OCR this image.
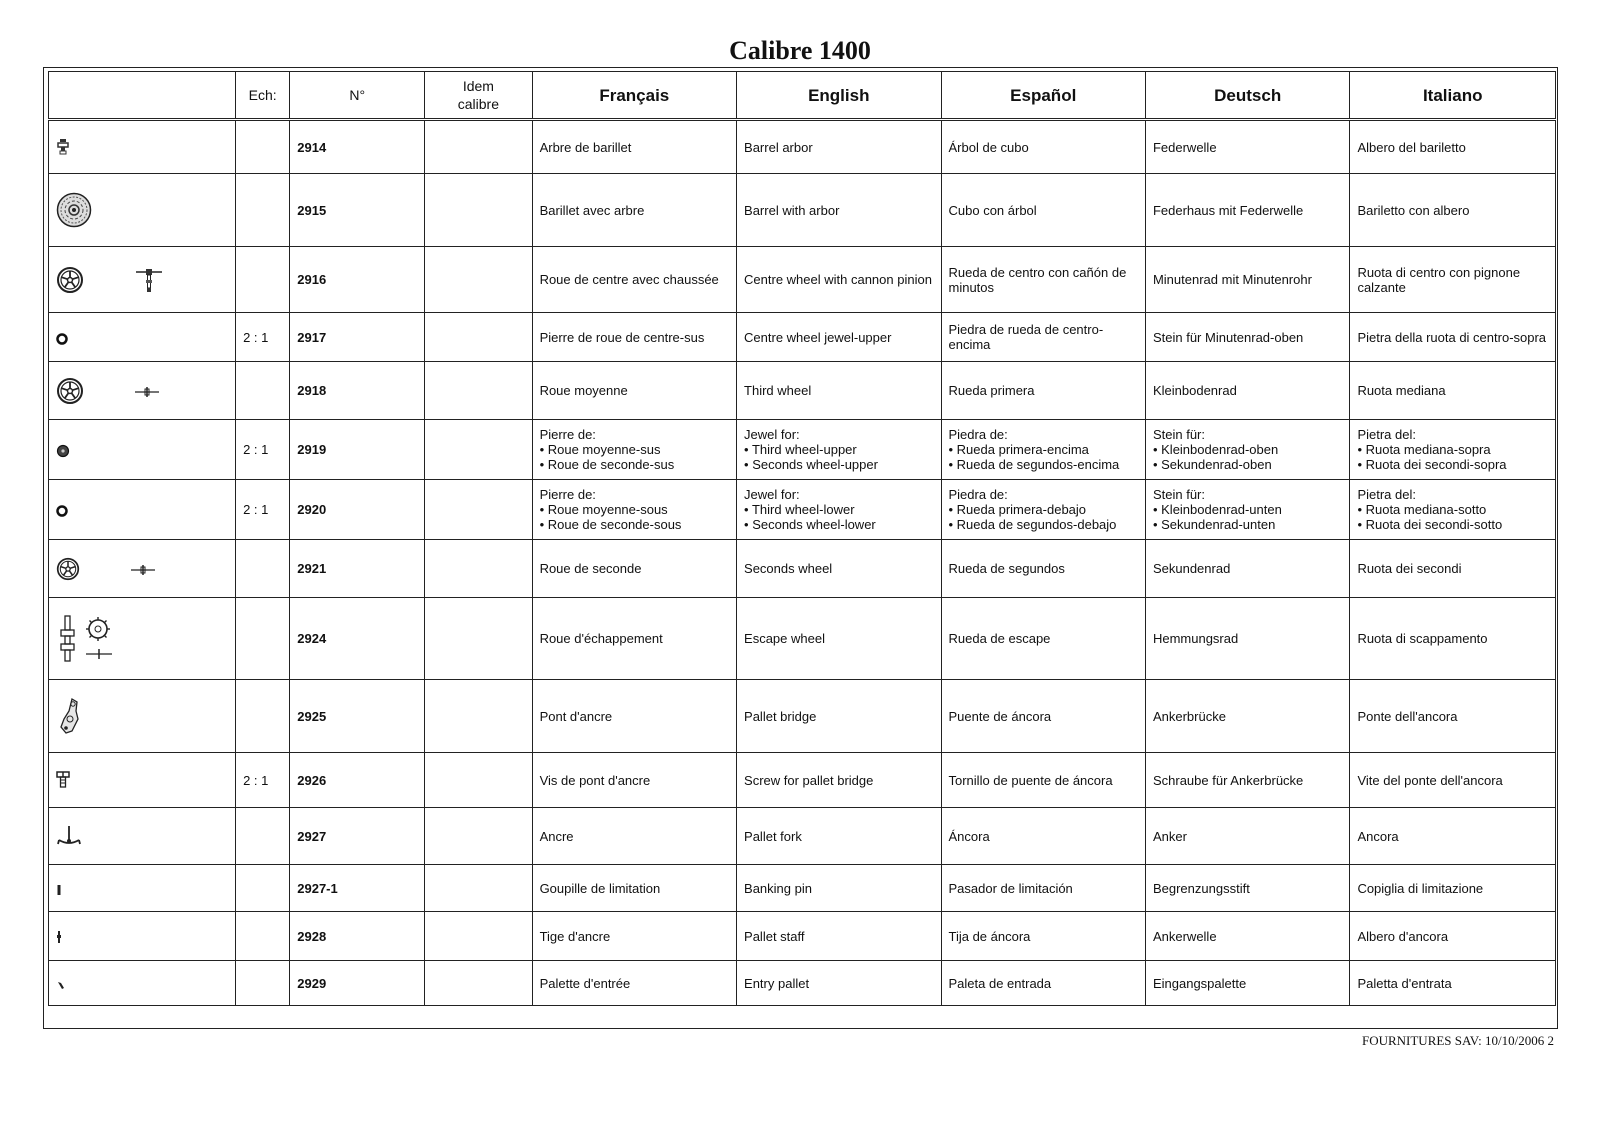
Calibre 1400
	Ech:	N°	Idem
calibre	Français	English	Español	Deutsch	Italiano
		2914		Arbre de barillet	Barrel arbor	Árbol de cubo	Federwelle	Albero del bariletto
		2915		Barillet avec arbre	Barrel with arbor	Cubo con árbol	Federhaus mit Federwelle	Bariletto con albero
		2916		Roue de centre avec chaussée	Centre wheel with cannon pinion	Rueda de centro con cañón de minutos	Minutenrad mit Minutenrohr	Ruota di centro con pignone calzante
	2 : 1	2917		Pierre de roue de centre-sus	Centre wheel jewel-upper	Piedra de rueda de centro-encima	Stein für Minutenrad-oben	Pietra della ruota di centro-sopra
		2918		Roue moyenne	Third wheel	Rueda primera	Kleinbodenrad	Ruota mediana
	2 : 1	2919		Pierre de:
• Roue moyenne-sus
• Roue de seconde-sus	Jewel for:
• Third wheel-upper
• Seconds wheel-upper	Piedra de:
• Rueda primera-encima
• Rueda de segundos-encima	Stein für:
• Kleinbodenrad-oben
• Sekundenrad-oben	Pietra del:
• Ruota mediana-sopra
• Ruota dei secondi-sopra

	2 : 1	2920		Pierre de:
• Roue moyenne-sous
• Roue de seconde-sous	Jewel for:
• Third wheel-lower
• Seconds wheel-lower	Piedra de:
• Rueda primera-debajo
• Rueda de segundos-debajo	Stein für:
• Kleinbodenrad-unten
• Sekundenrad-unten	Pietra del:
• Ruota mediana-sotto
• Ruota dei secondi-sotto

		2921		Roue de seconde	Seconds wheel	Rueda de segundos	Sekundenrad	Ruota dei secondi
		2924		Roue d'échappement	Escape wheel	Rueda de escape	Hemmungsrad	Ruota di scappamento
		2925		Pont d'ancre	Pallet bridge	Puente de áncora	Ankerbrücke	Ponte dell'ancora
	2 : 1	2926		Vis de pont d'ancre	Screw for pallet bridge	Tornillo de puente de áncora	Schraube für Ankerbrücke	Vite del ponte dell'ancora
		2927		Ancre	Pallet fork	Áncora	Anker	Ancora
		2927-1		Goupille de limitation	Banking pin	Pasador de limitación	Begrenzungsstift	Copiglia di limitazione
		2928		Tige d'ancre	Pallet staff	Tija de áncora	Ankerwelle	Albero d'ancora
		2929		Palette d'entrée	Entry pallet	Paleta de entrada	Eingangspalette	Paletta d'entrata
FOURNITURES SAV: 10/10/2006 2
